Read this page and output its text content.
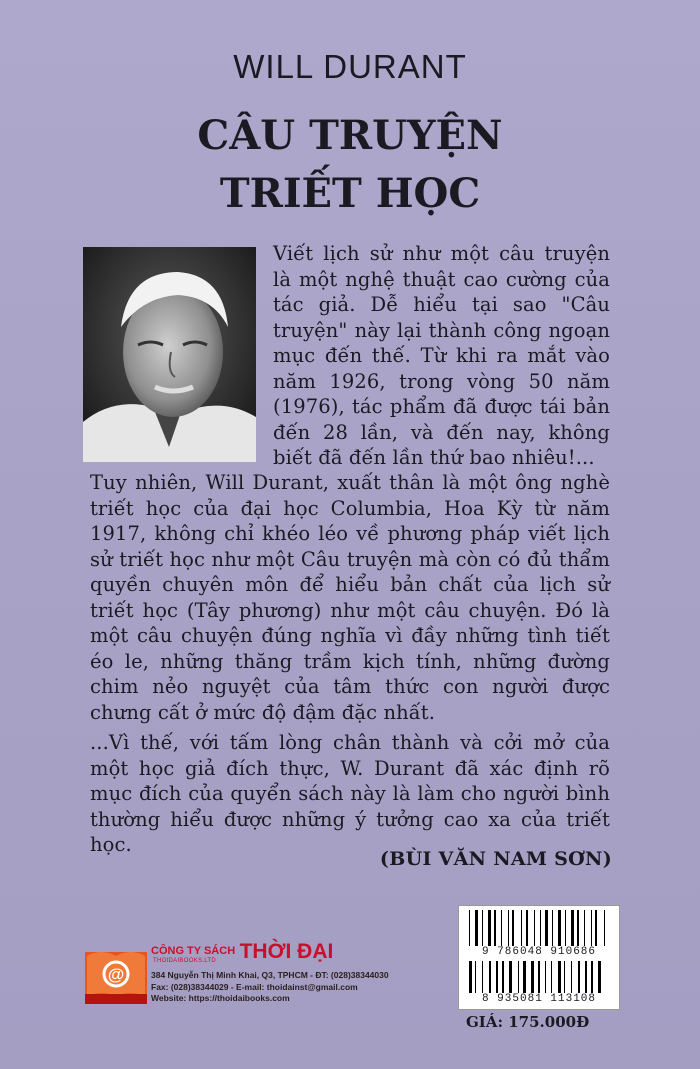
WILL DURANT
CÂU TRUYỆN
TRIẾT HỌC
Viết lịch sử như một câu truyện là một nghệ thuật cao cường của tác giả. Dễ hiểu tại sao "Câu truyện" này lại thành công ngoạn mục đến thế. Từ khi ra mắt vào năm 1926, trong vòng 50 năm (1976), tác phẩm đã được tái bản đến 28 lần, và đến nay, không biết đã đến lần thứ bao nhiêu!...
Tuy nhiên, Will Durant, xuất thân là một ông nghè triết học của đại học Columbia, Hoa Kỳ từ năm 1917, không chỉ khéo léo về phương pháp viết lịch sử triết học như một Câu truyện mà còn có đủ thẩm quyền chuyên môn để hiểu bản chất của lịch sử triết học (Tây phương) như một câu chuyện. Đó là một câu chuyện đúng nghĩa vì đầy những tình tiết éo le, những thăng trầm kịch tính, những đường chim nẻo nguyệt của tâm thức con người được chưng cất ở mức độ đậm đặc nhất.
...Vì thế, với tấm lòng chân thành và cởi mở của một học giả đích thực, W. Durant đã xác định rõ mục đích của quyển sách này là làm cho người bình thường hiểu được những ý tưởng cao xa của triết học.
(BÙI VĂN NAM SƠN)
@
$^{CÔNG TY SÁCH}$ THỜI ĐẠI
THOIDAIBOOKS.LTD
384 Nguyễn Thị Minh Khai, Q3, TPHCM - ĐT: (028)38344030
Fax: (028)38344029 - E-mail: thoidainst@gmail.com
Website: https://thoidaibooks.com
9 786048 910686
8 935081 113108
GIÁ: 175.000Đ
